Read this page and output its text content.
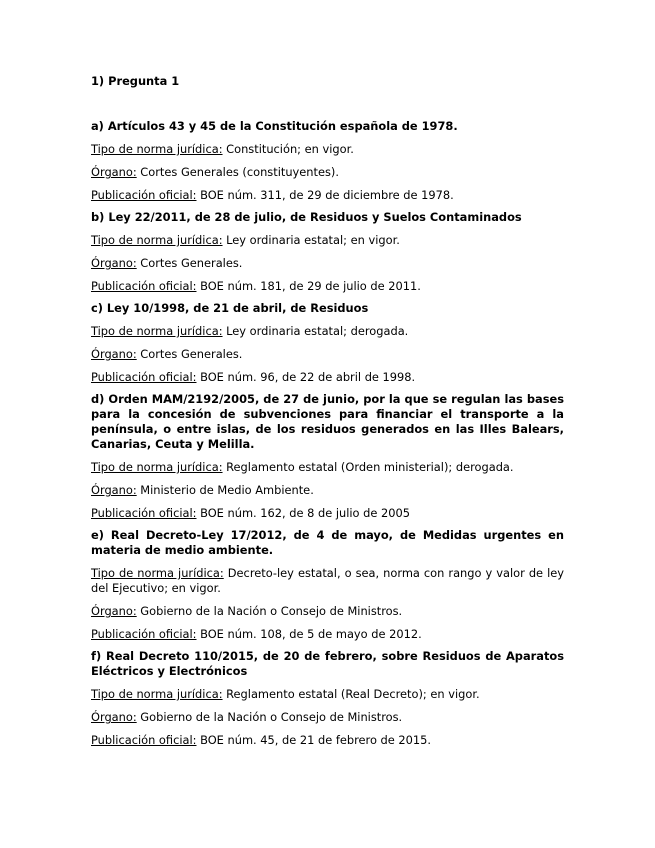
1) Pregunta 1

a) Artículos 43 y 45 de la Constitución española de 1978.

Tipo de norma jurídica: Constitución; en vigor.

Órgano: Cortes Generales (constituyentes).

Publicación oficial: BOE núm. 311, de 29 de diciembre de 1978.

b) Ley 22/2011, de 28 de julio, de Residuos y Suelos Contaminados

Tipo de norma jurídica: Ley ordinaria estatal; en vigor.

Órgano: Cortes Generales.

Publicación oficial: BOE núm. 181, de 29 de julio de 2011.

c) Ley 10/1998, de 21 de abril, de Residuos

Tipo de norma jurídica: Ley ordinaria estatal; derogada.

Órgano: Cortes Generales.

Publicación oficial: BOE núm. 96, de 22 de abril de 1998.

d) Orden MAM/2192/2005, de 27 de junio, por la que se regulan las bases para la concesión de subvenciones para financiar el transporte a la península, o entre islas, de los residuos generados en las Illes Balears, Canarias, Ceuta y Melilla.

Tipo de norma jurídica: Reglamento estatal (Orden ministerial); derogada.

Órgano: Ministerio de Medio Ambiente.

Publicación oficial: BOE núm. 162, de 8 de julio de 2005

e) Real Decreto-Ley 17/2012, de 4 de mayo, de Medidas urgentes en materia de medio ambiente.

Tipo de norma jurídica: Decreto-ley estatal, o sea, norma con rango y valor de ley del Ejecutivo; en vigor.

Órgano: Gobierno de la Nación o Consejo de Ministros.

Publicación oficial: BOE núm. 108, de 5 de mayo de 2012.

f) Real Decreto 110/2015, de 20 de febrero, sobre Residuos de Aparatos Eléctricos y Electrónicos

Tipo de norma jurídica: Reglamento estatal (Real Decreto); en vigor.

Órgano: Gobierno de la Nación o Consejo de Ministros.

Publicación oficial: BOE núm. 45, de 21 de febrero de 2015.
